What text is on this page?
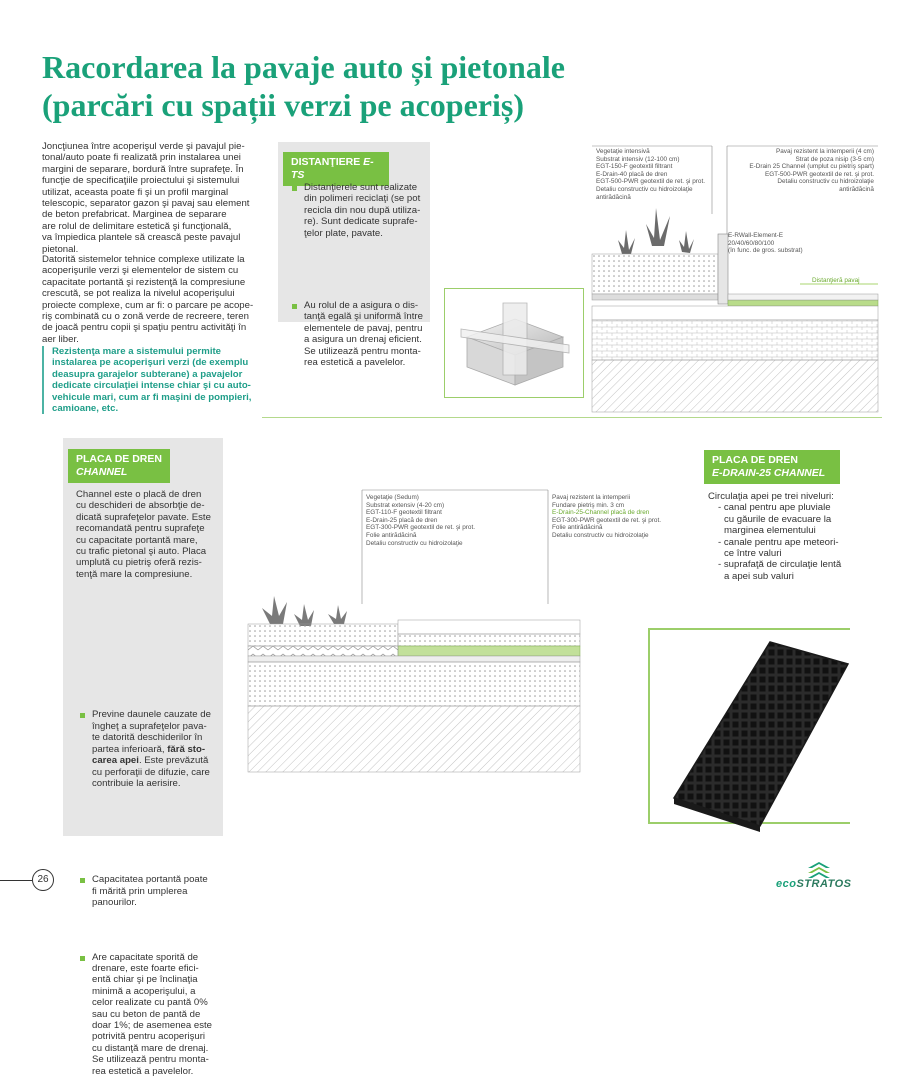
Racordarea la pavaje auto și pietonale
(parcări cu spații verzi pe acoperiș)
Joncţiunea între acoperişul verde şi pavajul pie-
tonal/auto poate fi realizată prin instalarea unei
margini de separare, bordură între suprafeţe. În
funcţie de specificaţiile proiectului şi sistemului
utilizat, aceasta poate fi şi un profil marginal
telescopic, separator gazon şi pavaj sau element
de beton prefabricat. Marginea de separare
are rolul de delimitare estetică şi funcţională,
va împiedica plantele să crească peste pavajul
pietonal.
Datorită sistemelor tehnice complexe utilizate la
acoperişurile verzi şi elementelor de sistem cu
capacitate portantă şi rezistenţă la compresiune
crescută, se pot realiza la nivelul acoperişului
proiecte complexe, cum ar fi: o parcare pe acope-
riş combinată cu o zonă verde de recreere, teren
de joacă pentru copii şi spaţiu pentru activităţi în
aer liber.
Rezistenţa mare a sistemului permite
instalarea pe acoperişuri verzi (de exemplu
deasupra garajelor subterane) a pavajelor
dedicate circulaţiei intense chiar şi cu auto-
vehicule mari, cum ar fi maşini de pompieri,
camioane, etc.
DISTANŢIERE E-TS
Distanţierele sunt realizate
din polimeri reciclaţi (se pot
recicla din nou după utiliza-
re). Sunt dedicate suprafe-
ţelor plate, pavate.
Au rolul de a asigura o dis-
tanţă egală şi uniformă între
elementele de pavaj, pentru
a asigura un drenaj eficient.
Se utilizează pentru monta-
rea estetică a pavelelor.
Vegetaţie intensivă
Substrat intensiv (12-100 cm)
EGT-150-F geotextil filtrant
E-Drain-40 placă de dren
EGT-500-PWR geotextil de ret. şi prot.
Detaliu constructiv cu hidroizolaţie
antirădăcină
Pavaj rezistent la intemperii (4 cm)
Strat de poza nisip (3-5 cm)
E-Drain 25 Channel (umplut cu pietriş spart)
EGT-500-PWR geotextil de ret. şi prot.
Detaliu constructiv cu hidroizolaţie
antirădăcină
E-RWall-Element-E
20/40/60/80/100
(în func. de gros. substrat)
Distanţieră pavaj
PLACA DE DREN
CHANNEL
Channel este o placă de dren
cu deschideri de absorbţie de-
dicată suprafeţelor pavate. Este
recomandată pentru suprafeţe
cu capacitate portantă mare,
cu trafic pietonal şi auto. Placa
umplută cu pietriş oferă rezis-
tenţă mare la compresiune.
Previne daunele cauzate de
îngheţ a suprafeţelor pava-
te datorită deschiderilor în
partea inferioară, fără sto-
carea apei. Este prevăzută
cu perforaţii de difuzie, care
contribuie la aerisire.
Capacitatea portantă poate
fi mărită prin umplerea
panourilor.
Are capacitate sporită de
drenare, este foarte efici-
entă chiar şi pe înclinaţia
minimă a acoperişului, a
celor realizate cu pantă 0%
sau cu beton de pantă de
doar 1%; de asemenea este
potrivită pentru acoperişuri
cu distanţă mare de drenaj.
Se utilizează pentru monta-
rea estetică a pavelelor.
Vegetaţie (Sedum)
Substrat extensiv (4-20 cm)
EGT-110-F geotextil filtrant
E-Drain-25 placă de dren
EGT-300-PWR geotextil de ret. şi prot.
Folie antirădăcină
Detaliu constructiv cu hidroizolaţie
Pavaj rezistent la intemperii
Fundare pietriş min. 3 cm
E-Drain-25-Channel placă de dren
EGT-300-PWR geotextil de ret. şi prot.
Folie antirădăcină
Detaliu constructiv cu hidroizolaţie
PLACA DE DREN
E-DRAIN-25 CHANNEL
Circulaţia apei pe trei niveluri:
- canal pentru ape pluviale
cu găurile de evacuare la
marginea elementului
- canale pentru ape meteori-
ce între valuri
- suprafaţă de circulaţie lentă
a apei sub valuri
26	ecoSTRATOS
